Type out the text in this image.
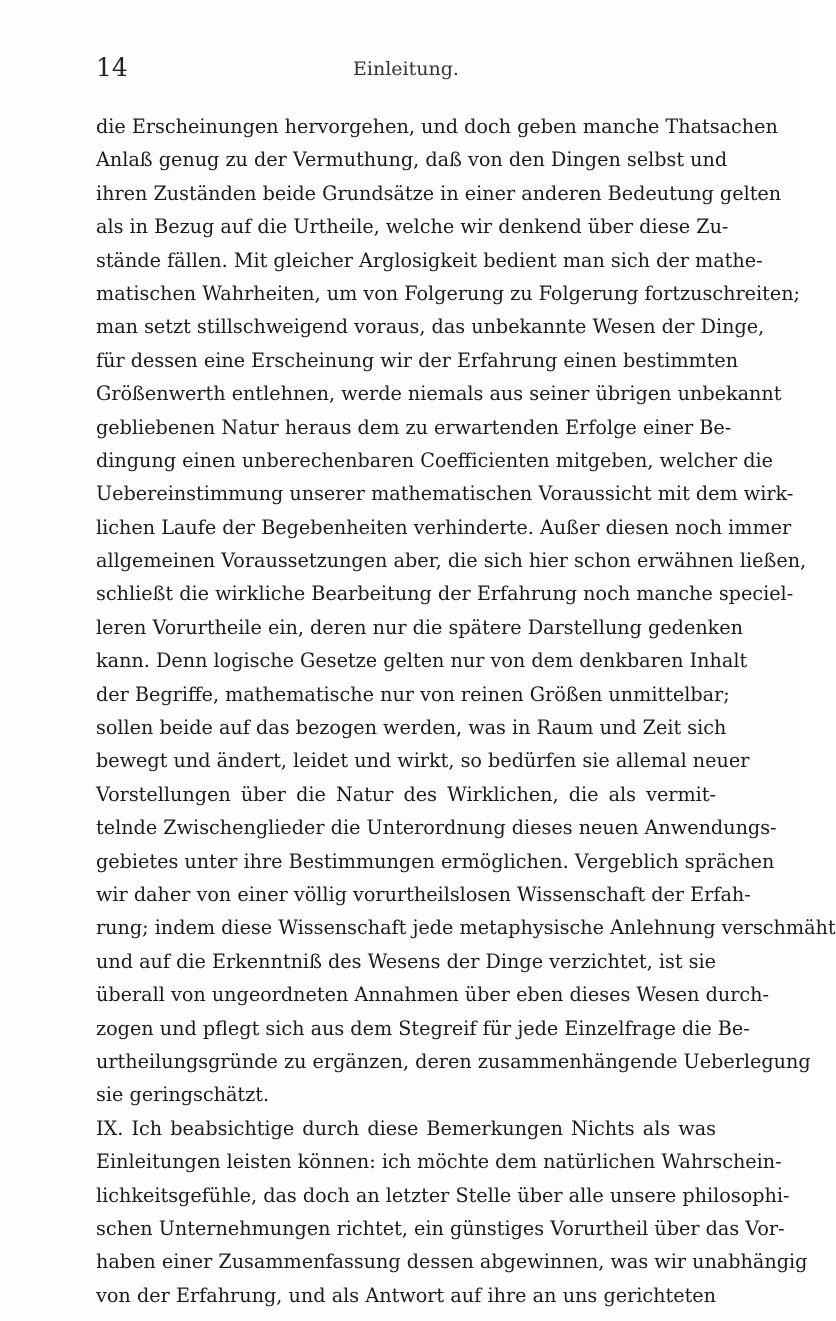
14	Einleitung.
die Erscheinungen hervorgehen, und doch geben manche Thatsachen
Anlaß genug zu der Vermuthung, daß von den Dingen selbst und
ihren Zuständen beide Grundsätze in einer anderen Bedeutung gelten
als in Bezug auf die Urtheile, welche wir denkend über diese Zu-
stände fällen. Mit gleicher Arglosigkeit bedient man sich der mathe-
matischen Wahrheiten, um von Folgerung zu Folgerung fortzuschreiten;
man setzt stillschweigend voraus, das unbekannte Wesen der Dinge,
für dessen eine Erscheinung wir der Erfahrung einen bestimmten
Größenwerth entlehnen, werde niemals aus seiner übrigen unbekannt
gebliebenen Natur heraus dem zu erwartenden Erfolge einer Be-
dingung einen unberechenbaren Coefficienten mitgeben, welcher die
Uebereinstimmung unserer mathematischen Voraussicht mit dem wirk-
lichen Laufe der Begebenheiten verhinderte. Außer diesen noch immer
allgemeinen Voraussetzungen aber, die sich hier schon erwähnen ließen,
schließt die wirkliche Bearbeitung der Erfahrung noch manche speciel-
leren Vorurtheile ein, deren nur die spätere Darstellung gedenken
kann. Denn logische Gesetze gelten nur von dem denkbaren Inhalt
der Begriffe, mathematische nur von reinen Größen unmittelbar;
sollen beide auf das bezogen werden, was in Raum und Zeit sich
bewegt und ändert, leidet und wirkt, so bedürfen sie allemal neuer
Vorstellungen über die Natur des Wirklichen, die als vermit-
telnde Zwischenglieder die Unterordnung dieses neuen Anwendungs-
gebietes unter ihre Bestimmungen ermöglichen. Vergeblich sprächen
wir daher von einer völlig vorurtheilslosen Wissenschaft der Erfah-
rung; indem diese Wissenschaft jede metaphysische Anlehnung verschmäht
und auf die Erkenntniß des Wesens der Dinge verzichtet, ist sie
überall von ungeordneten Annahmen über eben dieses Wesen durch-
zogen und pflegt sich aus dem Stegreif für jede Einzelfrage die Be-
urtheilungsgründe zu ergänzen, deren zusammenhängende Ueberlegung
sie geringschätzt.
IX. Ich beabsichtige durch diese Bemerkungen Nichts als was
Einleitungen leisten können: ich möchte dem natürlichen Wahrschein-
lichkeitsgefühle, das doch an letzter Stelle über alle unsere philosophi-
schen Unternehmungen richtet, ein günstiges Vorurtheil über das Vor-
haben einer Zusammenfassung dessen abgewinnen, was wir unabhängig
von der Erfahrung, und als Antwort auf ihre an uns gerichteten
